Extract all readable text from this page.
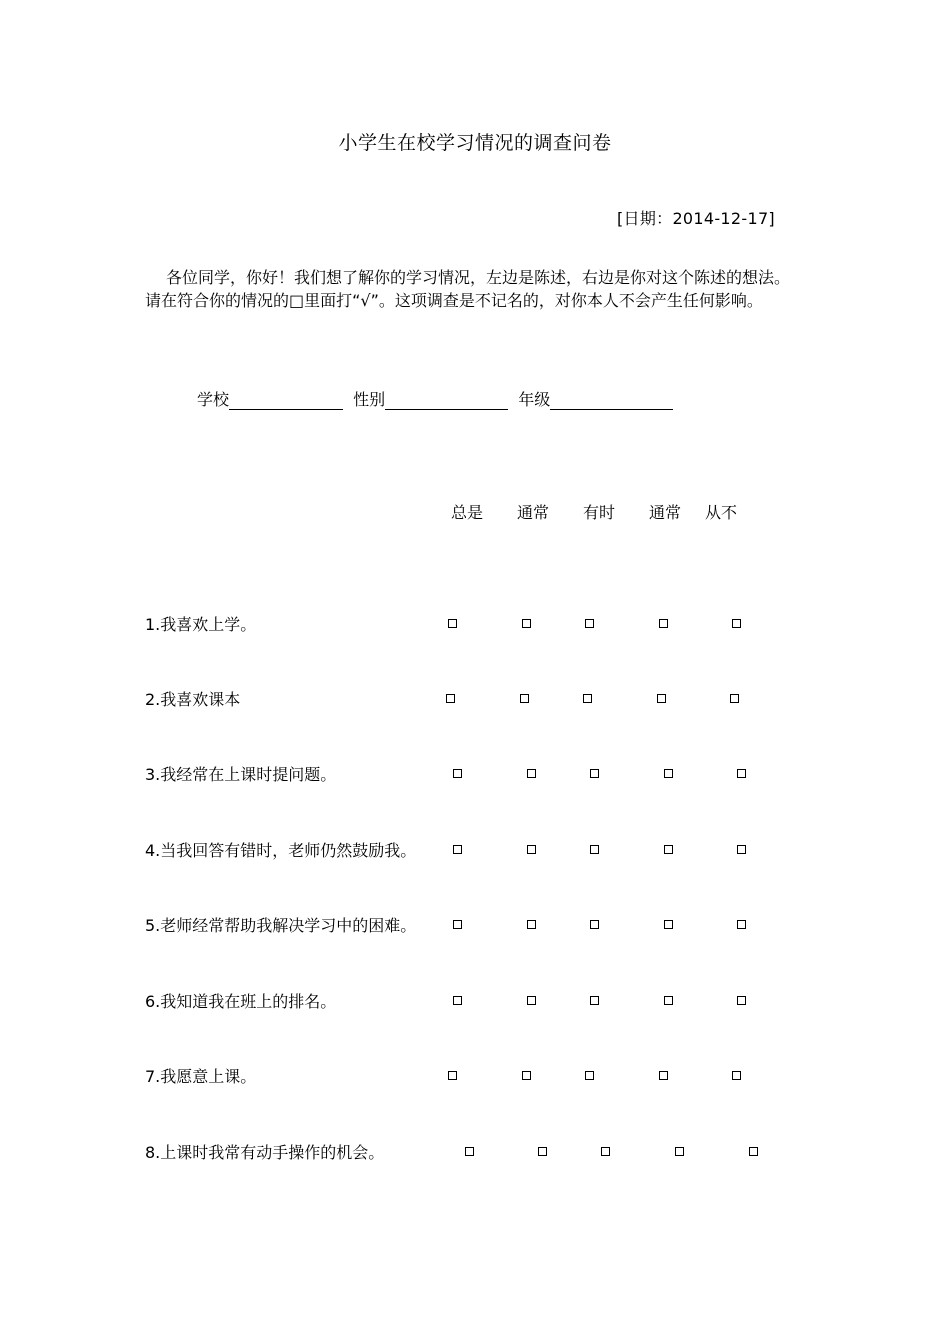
小学生在校学习情况的调查问卷
[日期：2014-12-17]
各位同学，你好！我们想了解你的学习情况，左边是陈述，右边是你对这个陈述的想法。请在符合你的情况的□里面打“√”。这项调查是不记名的，对你本人不会产生任何影响。
学校	性别	年级
总是 通常 有时 通常 从不
1.我喜欢上学。
2.我喜欢课本
3.我经常在上课时提问题。
4.当我回答有错时，老师仍然鼓励我。
5.老师经常帮助我解决学习中的困难。
6.我知道我在班上的排名。
7.我愿意上课。
8.上课时我常有动手操作的机会。
